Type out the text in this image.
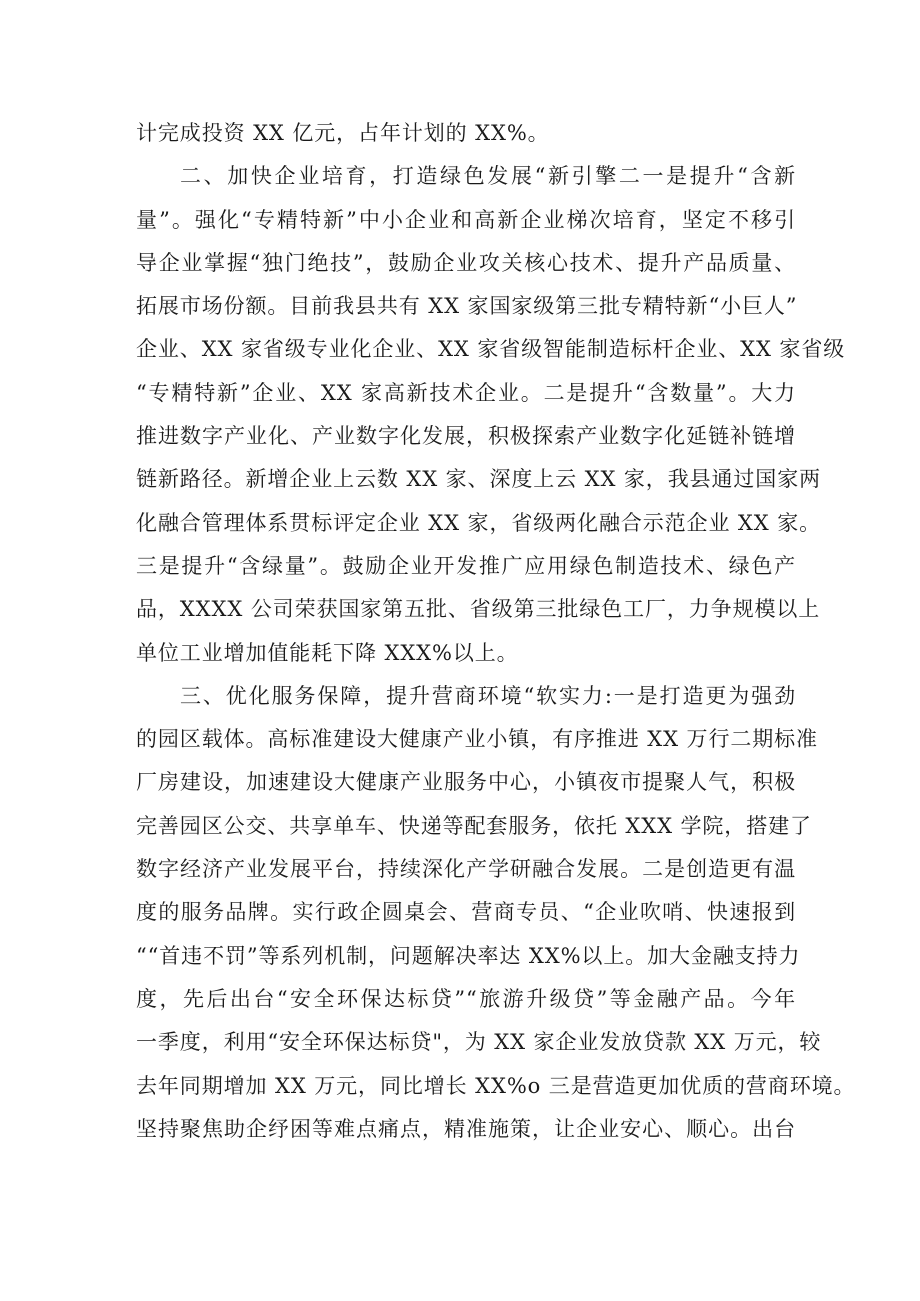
计完成投资 XX 亿元，占年计划的 XX%。
二、加快企业培育，打造绿色发展“新引擎二一是提升“含新
量”。强化“专精特新”中小企业和高新企业梯次培育，坚定不移引
导企业掌握“独门绝技”，鼓励企业攻关核心技术、提升产品质量、
拓展市场份额。目前我县共有 XX 家国家级第三批专精特新“小巨人”
企业、XX 家省级专业化企业、XX 家省级智能制造标杆企业、XX 家省级
“专精特新”企业、XX 家高新技术企业。二是提升“含数量”。大力
推进数字产业化、产业数字化发展，积极探索产业数字化延链补链增
链新路径。新增企业上云数 XX 家、深度上云 XX 家，我县通过国家两
化融合管理体系贯标评定企业 XX 家，省级两化融合示范企业 XX 家。
三是提升“含绿量”。鼓励企业开发推广应用绿色制造技术、绿色产
品，XXXX 公司荣获国家第五批、省级第三批绿色工厂，力争规模以上
单位工业增加值能耗下降 XXX%以上。
三、优化服务保障，提升营商环境“软实力:一是打造更为强劲
的园区载体。高标准建设大健康产业小镇，有序推进 XX 万行二期标准
厂房建设，加速建设大健康产业服务中心，小镇夜市提聚人气，积极
完善园区公交、共享单车、快递等配套服务，依托 XXX 学院，搭建了
数字经济产业发展平台，持续深化产学研融合发展。二是创造更有温
度的服务品牌。实行政企圆桌会、营商专员、“企业吹哨、快速报到
““首违不罚”等系列机制，问题解决率达 XX%以上。加大金融支持力
度，先后出台“安全环保达标贷”“旅游升级贷”等金融产品。今年
一季度，利用“安全环保达标贷"，为 XX 家企业发放贷款 XX 万元，较
去年同期增加 XX 万元，同比增长 XX%o 三是营造更加优质的营商环境。
坚持聚焦助企纾困等难点痛点，精准施策，让企业安心、顺心。出台
